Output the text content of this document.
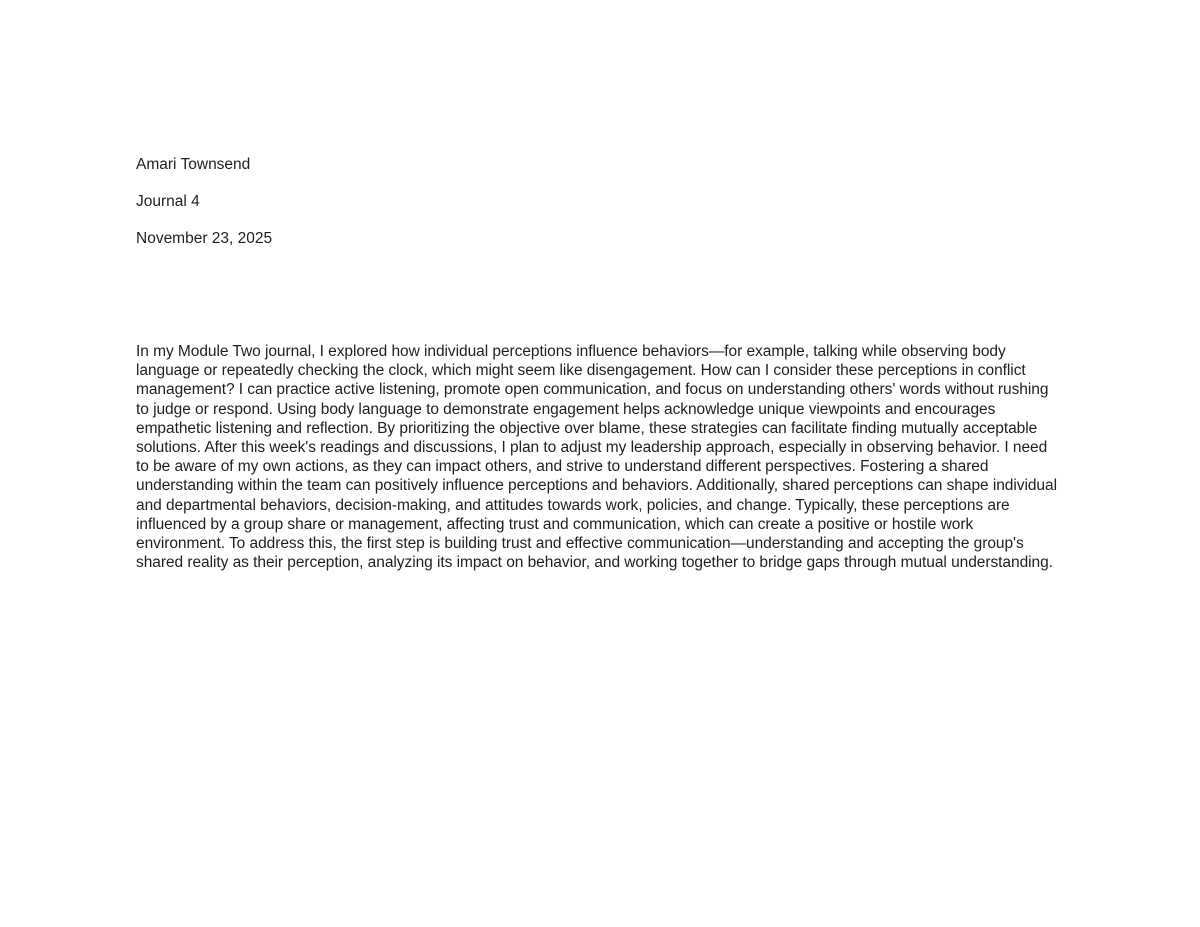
Amari Townsend
Journal 4
November 23, 2025
In my Module Two journal, I explored how individual perceptions influence behaviors—for example, talking while observing body language or repeatedly checking the clock, which might seem like disengagement. How can I consider these perceptions in conflict management? I can practice active listening, promote open communication, and focus on understanding others' words without rushing to judge or respond. Using body language to demonstrate engagement helps acknowledge unique viewpoints and encourages empathetic listening and reflection. By prioritizing the objective over blame, these strategies can facilitate finding mutually acceptable solutions. After this week's readings and discussions, I plan to adjust my leadership approach, especially in observing behavior. I need to be aware of my own actions, as they can impact others, and strive to understand different perspectives. Fostering a shared understanding within the team can positively influence perceptions and behaviors. Additionally, shared perceptions can shape individual and departmental behaviors, decision-making, and attitudes towards work, policies, and change. Typically, these perceptions are influenced by a group share or management, affecting trust and communication, which can create a positive or hostile work environment. To address this, the first step is building trust and effective communication—understanding and accepting the group's shared reality as their perception, analyzing its impact on behavior, and working together to bridge gaps through mutual understanding.
